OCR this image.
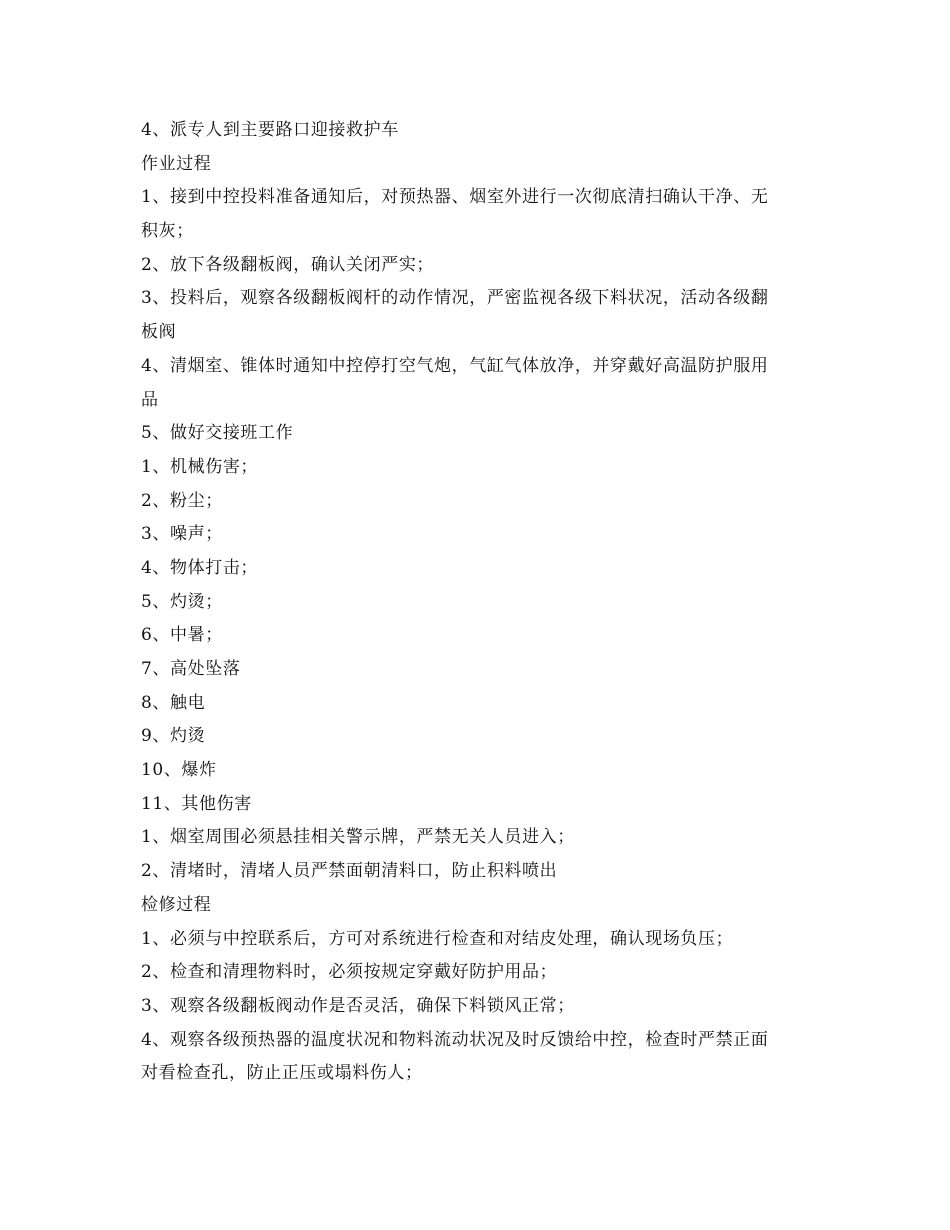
4、派专人到主要路口迎接救护车
作业过程
1、接到中控投料准备通知后，对预热器、烟室外进行一次彻底清扫确认干净、无
积灰；
2、放下各级翻板阀，确认关闭严实；
3、投料后，观察各级翻板阀杆的动作情况，严密监视各级下料状况，活动各级翻
板阀
4、清烟室、锥体时通知中控停打空气炮，气缸气体放净，并穿戴好高温防护服用
品
5、做好交接班工作
1、机械伤害；
2、粉尘；
3、噪声；
4、物体打击；
5、灼烫；
6、中暑；
7、高处坠落
8、触电
9、灼烫
10、爆炸
11、其他伤害
1、烟室周围必须悬挂相关警示牌，严禁无关人员进入；
2、清堵时，清堵人员严禁面朝清料口，防止积料喷出
检修过程
1、必须与中控联系后，方可对系统进行检查和对结皮处理，确认现场负压；
2、检查和清理物料时，必须按规定穿戴好防护用品；
3、观察各级翻板阀动作是否灵活，确保下料锁风正常；
4、观察各级预热器的温度状况和物料流动状况及时反馈给中控，检查时严禁正面
对看检查孔，防止正压或塌料伤人；
